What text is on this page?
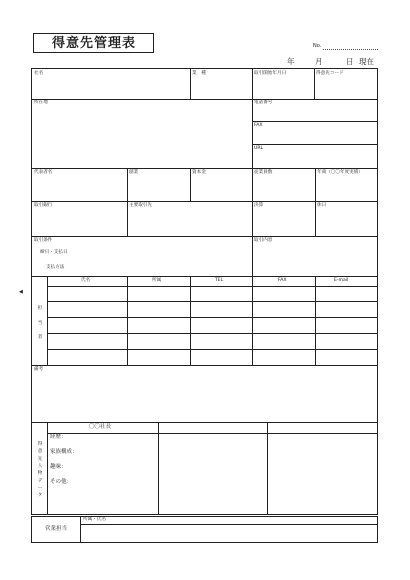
得意先管理表	No.
年	月	日 現在
◀
社名	業　種	取引開始年月日	得意先コード
所在地	電話番号
FAX
URL
代表者名	創業	資本金	従業員数	年商（〇〇年度実績）
取引銀行	主要取引先	決算	休日
取引条件
締日・支払日
支払方法
取引内容
氏名	所属	TEL	FAX	E-mail
担

当

者
備考
得
意
先
人
物
デ
ー
タ
〇〇社長
経歴：
家族構成：
趣味：
その他：
営業担当
所属・氏名
